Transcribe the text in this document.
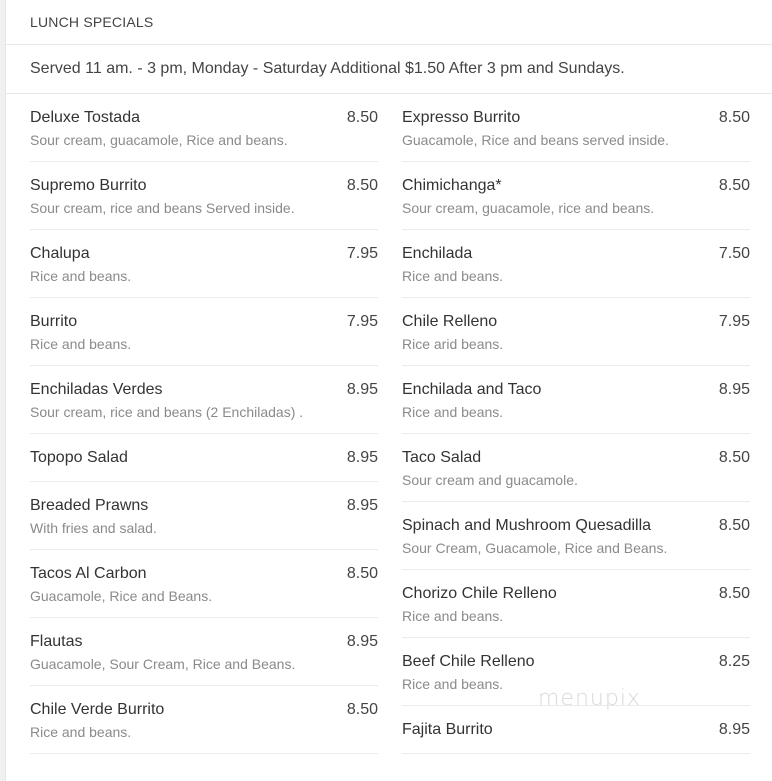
LUNCH SPECIALS
Served 11 am. - 3 pm, Monday - Saturday Additional $1.50 After 3 pm and Sundays.
Deluxe Tostada	8.50
Sour cream, guacamole, Rice and beans.
Supremo Burrito	8.50
Sour cream, rice and beans Served inside.
Chalupa	7.95
Rice and beans.
Burrito	7.95
Rice and beans.
Enchiladas Verdes	8.95
Sour cream, rice and beans (2 Enchiladas) .
Topopo Salad	8.95
Breaded Prawns	8.95
With fries and salad.
Tacos Al Carbon	8.50
Guacamole, Rice and Beans.
Flautas	8.95
Guacamole, Sour Cream, Rice and Beans.
Chile Verde Burrito	8.50
Rice and beans.
Expresso Burrito	8.50
Guacamole, Rice and beans served inside.
Chimichanga*	8.50
Sour cream, guacamole, rice and beans.
Enchilada	7.50
Rice and beans.
Chile Relleno	7.95
Rice arid beans.
Enchilada and Taco	8.95
Rice and beans.
Taco Salad	8.50
Sour cream and guacamole.
Spinach and Mushroom Quesadilla	8.50
Sour Cream, Guacamole, Rice and Beans.
Chorizo Chile Relleno	8.50
Rice and beans.
Beef Chile Relleno	8.25
Rice and beans.
Fajita Burrito	8.95
menupix
